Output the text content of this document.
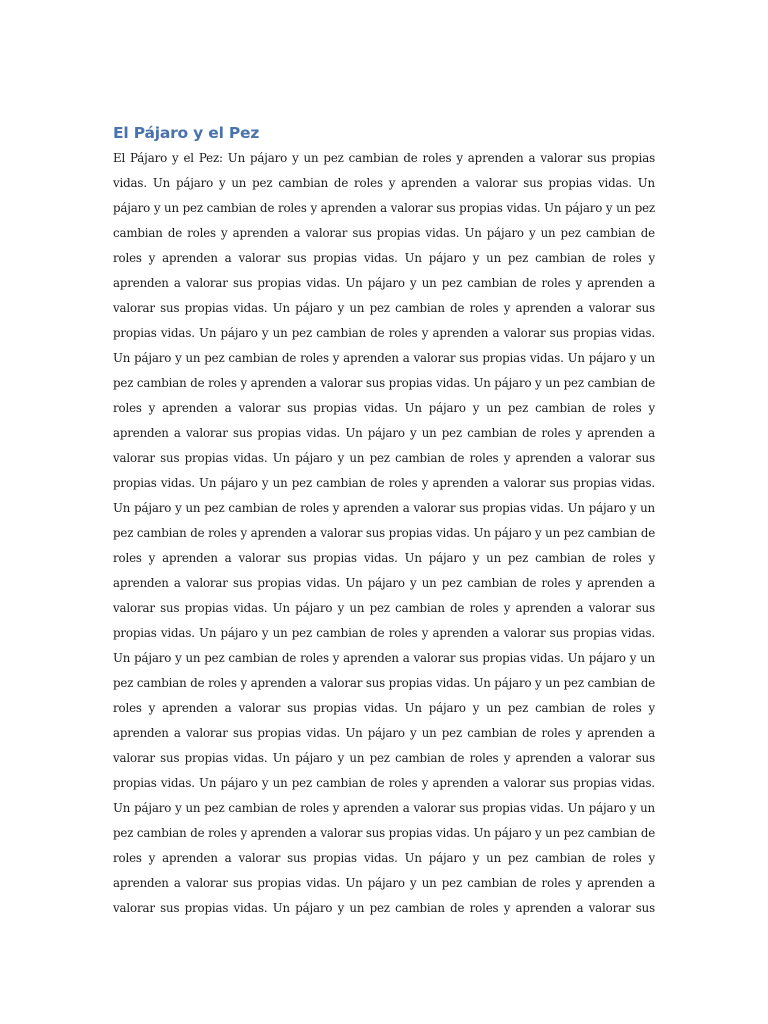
El Pájaro y el Pez
El Pájaro y el Pez: Un pájaro y un pez cambian de roles y aprenden a valorar sus propias
vidas. Un pájaro y un pez cambian de roles y aprenden a valorar sus propias vidas. Un
pájaro y un pez cambian de roles y aprenden a valorar sus propias vidas. Un pájaro y un pez
cambian de roles y aprenden a valorar sus propias vidas. Un pájaro y un pez cambian de
roles y aprenden a valorar sus propias vidas. Un pájaro y un pez cambian de roles y
aprenden a valorar sus propias vidas. Un pájaro y un pez cambian de roles y aprenden a
valorar sus propias vidas. Un pájaro y un pez cambian de roles y aprenden a valorar sus
propias vidas. Un pájaro y un pez cambian de roles y aprenden a valorar sus propias vidas.
Un pájaro y un pez cambian de roles y aprenden a valorar sus propias vidas. Un pájaro y un
pez cambian de roles y aprenden a valorar sus propias vidas. Un pájaro y un pez cambian de
roles y aprenden a valorar sus propias vidas. Un pájaro y un pez cambian de roles y
aprenden a valorar sus propias vidas. Un pájaro y un pez cambian de roles y aprenden a
valorar sus propias vidas. Un pájaro y un pez cambian de roles y aprenden a valorar sus
propias vidas. Un pájaro y un pez cambian de roles y aprenden a valorar sus propias vidas.
Un pájaro y un pez cambian de roles y aprenden a valorar sus propias vidas. Un pájaro y un
pez cambian de roles y aprenden a valorar sus propias vidas. Un pájaro y un pez cambian de
roles y aprenden a valorar sus propias vidas. Un pájaro y un pez cambian de roles y
aprenden a valorar sus propias vidas. Un pájaro y un pez cambian de roles y aprenden a
valorar sus propias vidas. Un pájaro y un pez cambian de roles y aprenden a valorar sus
propias vidas. Un pájaro y un pez cambian de roles y aprenden a valorar sus propias vidas.
Un pájaro y un pez cambian de roles y aprenden a valorar sus propias vidas. Un pájaro y un
pez cambian de roles y aprenden a valorar sus propias vidas. Un pájaro y un pez cambian de
roles y aprenden a valorar sus propias vidas. Un pájaro y un pez cambian de roles y
aprenden a valorar sus propias vidas. Un pájaro y un pez cambian de roles y aprenden a
valorar sus propias vidas. Un pájaro y un pez cambian de roles y aprenden a valorar sus
propias vidas. Un pájaro y un pez cambian de roles y aprenden a valorar sus propias vidas.
Un pájaro y un pez cambian de roles y aprenden a valorar sus propias vidas. Un pájaro y un
pez cambian de roles y aprenden a valorar sus propias vidas. Un pájaro y un pez cambian de
roles y aprenden a valorar sus propias vidas. Un pájaro y un pez cambian de roles y
aprenden a valorar sus propias vidas. Un pájaro y un pez cambian de roles y aprenden a
valorar sus propias vidas. Un pájaro y un pez cambian de roles y aprenden a valorar sus
